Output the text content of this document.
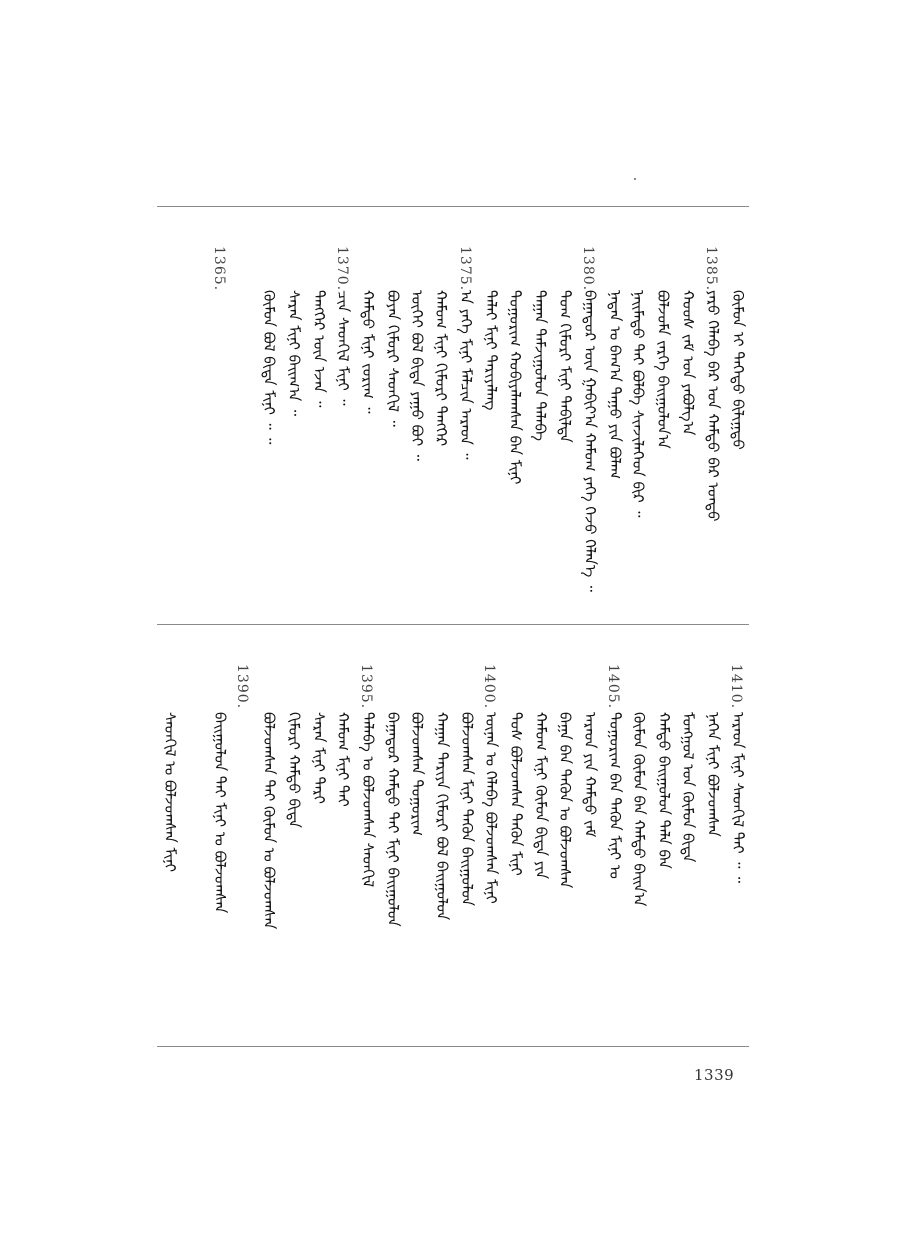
1385.
1380.
1375.
1370.
1365.
ᠬᠦᠮᠦᠨ ᠢ ᠳᠡᠭᠡᠳᠦ ᠪᠢᠯᠢᠭ᠋ᠲᠦ
ᠶᠡᠷᠦ ᠬᠡᠯᠡᠪᠡ ᠪᠠᠷ ᠤᠨ ᠬᠠᠮᠲᠤ ᠪᠠᠷ ᠤᠨᠳᠤ
ᠬᠣᠣᠰ ᠵᠠᠮ ᠤᠨ ᠶᠠᠪᠤᠯᠭ᠎ᠠ
ᠪᠣᠯᠵᠣᠮᠠ ᠵᠡᠷᠭᠡ ᠪᠠᠢᠭᠤᠯᠤᠨ᠎ᠠ
ᠨᠠᠢᠮᠠᠳᠤ ᠲᠠᠢ ᠪᠣᠯᠪᠠ ᠰᠢᠨᠵᠢᠯᠡᠭᠡᠳ ᠪᠢᠷ ᠃
ᠨᠠᠳᠠᠨ ᠤ ᠪᠠᠭ᠎ᠠ ᠳᠠᠭᠤ ᠶᠢᠨ ᠪᠤᠯᠠᠭ
ᠪᠠᠭᠠᠲᠤᠷ ᠦᠨ ᠭᠠᠪᠢᠶ᠎ᠠ ᠬᠠᠮᠤᠭ ᠶᠡᠬᠡ ᠭᠡᠵᠦ ᠬᠡᠯᠡᠨ᠎ᠡ ᠃
ᠲᠤᠭ ᠬᠢᠮᠤᠷᠢ ᠮᠢᠨᠢ ᠳᠡᠪᠢᠯᠲᠡ
ᠲᠠᠭᠠᠨ ᠳᠠᠮᠵᠢᠭᠤᠯᠤᠨ ᠲᠠᠯᠠᠪᠠ
ᠲᠣᠭᠣᠷᠢᠭ ᠬᠤᠪᠢᠶᠠᠯᠠᠭ᠍ᠰᠠᠨ ᠪᠠᠨ ᠮᠢᠨᠢ
ᠳᠠᠯᠠᠢ ᠮᠢᠨᠢ ᠲᠠᠷᠢᠶᠠᠯᠠᠩ
᠎ᠠ ᠶᠡᠬᠡ ᠮᠢᠨᠢ ᠮᠠᠯᠴᠢᠨ ᠠᠷᠠᠳ ᠃
ᠬᠠᠮᠤᠭ ᠮᠢᠨᠢ ᠬᠢᠮᠤᠷᠢ ᠲᠡᠩᠭᠡᠷ
ᠦᠭᠡᠢ ᠪᠣᠯ ᠪᠢᠳᠡ ᠶᠠᠭᠤ ᠪᠤᠢ ᠃
ᠪᠤᠶᠠᠨ ᠬᠢᠮᠤᠷᠢ ᠰᠡᠳᠬᠢᠯ ᠃
ᠬᠠᠮᠲᠤ ᠮᠢᠨᠢ ᠵᠣᠷᠢᠭ ᠃
ᠴᠢᠨ ᠰᠡᠳᠬᠢᠯ ᠮᠢᠨᠢ ᠃
ᠲᠡᠩᠭᠡᠷ ᠦᠨ ᠡᠵᠡᠨ ᠃
ᠰᠠᠷᠠᠨ ᠮᠢᠨᠢ ᠪᠠᠢᠭ᠎ᠠ ᠃
ᠬᠦᠮᠦᠨ ᠪᠣᠯ ᠪᠢᠳᠡ ᠮᠢᠨᠢ ᠃ ᠃
1410.
1405.
1400.
1395.
1390.
ᠠᠷᠠᠳ ᠮᠢᠨᠢ ᠰᠡᠳᠬᠢᠯ ᠲᠠᠢ ᠃ ᠃
ᠨᠡᠭᠡᠨ ᠮᠢᠨᠢ ᠪᠣᠯᠵᠣᠭᠰᠠᠨ
ᠮᠣᠩᠭᠣᠯ ᠤᠨ ᠬᠦᠮᠦᠨ ᠪᠢᠳᠡ
ᠬᠠᠮᠲᠤ ᠪᠠᠢᠭᠤᠯᠤᠨ ᠲᠠᠯᠠ ᠪᠠᠨ
ᠬᠦᠮᠦᠨ ᠬᠦᠮᠦᠨ ᠪᠡᠨ ᠬᠠᠮᠲᠤ ᠪᠠᠢᠨ᠎ᠠ
ᠲᠣᠭᠣᠷᠢᠭ ᠪᠠᠨ ᠲᠡᠭᠦᠨ ᠮᠢᠨᠢ ᠤ
ᠠᠷᠠᠳ ᠶᠢᠨ ᠬᠠᠮᠲᠤ ᠵᠠᠮ
ᠪᠠᠭᠠ ᠪᠠᠨ ᠲᠡᠭᠦᠨ ᠤ ᠪᠣᠯᠵᠣᠭᠰᠠᠨ
ᠬᠠᠮᠤᠭ ᠮᠢᠨᠢ ᠬᠦᠮᠦᠨ ᠪᠢᠳᠡ ᠶᠢᠨ
ᠲᠤᠰ ᠪᠣᠯᠵᠣᠭᠰᠠᠨ ᠲᠡᠭᠦᠨ ᠮᠢᠨᠢ
ᠦᠨᠡᠨ ᠤ ᠬᠡᠯᠡᠪᠡ ᠪᠣᠯᠵᠣᠭᠰᠠᠨ ᠮᠢᠨᠢ
ᠪᠣᠯᠵᠣᠭᠰᠠᠨ ᠮᠢᠨᠢ ᠲᠡᠭᠦᠨ ᠪᠠᠢᠭᠤᠯᠤᠨ
ᠬᠠᠭᠠᠨ ᠲᠠᠷᠢᠶᠠ ᠬᠢᠮᠤᠷᠢ ᠪᠣᠯ ᠪᠠᠢᠭᠤᠯᠤᠨ
ᠪᠣᠯᠵᠣᠭᠰᠠᠨ ᠲᠣᠭᠣᠷᠢᠭ
ᠪᠠᠭᠠᠲᠤᠷ ᠬᠠᠮᠲᠤ ᠲᠠᠢ ᠮᠢᠨᠢ ᠪᠠᠢᠭᠤᠯᠤᠨ
ᠲᠠᠯᠠᠪᠠ ᠤ ᠪᠣᠯᠵᠣᠭᠰᠠᠨ ᠰᠡᠳᠬᠢᠯ
ᠬᠠᠮᠤᠭ ᠮᠢᠨᠢ ᠲᠠᠢ
ᠰᠠᠷᠠᠨ ᠮᠢᠨᠢ ᠲᠠᠷᠢ
ᠬᠢᠮᠤᠷᠢ ᠬᠠᠮᠲᠤ ᠪᠢᠳᠡ
ᠪᠣᠯᠵᠣᠭᠰᠠᠨ ᠲᠠᠢ ᠬᠦᠮᠦᠨ ᠤ ᠪᠣᠯᠵᠣᠭᠰᠠᠨ
ᠪᠠᠢᠭᠤᠯᠤᠨ ᠲᠠᠢ ᠮᠢᠨᠢ ᠤ ᠪᠣᠯᠵᠣᠭᠰᠠᠨ
ᠰᠡᠳᠬᠢᠯ ᠤ ᠪᠣᠯᠵᠣᠭᠰᠠᠨ ᠮᠢᠨᠢ
1339
